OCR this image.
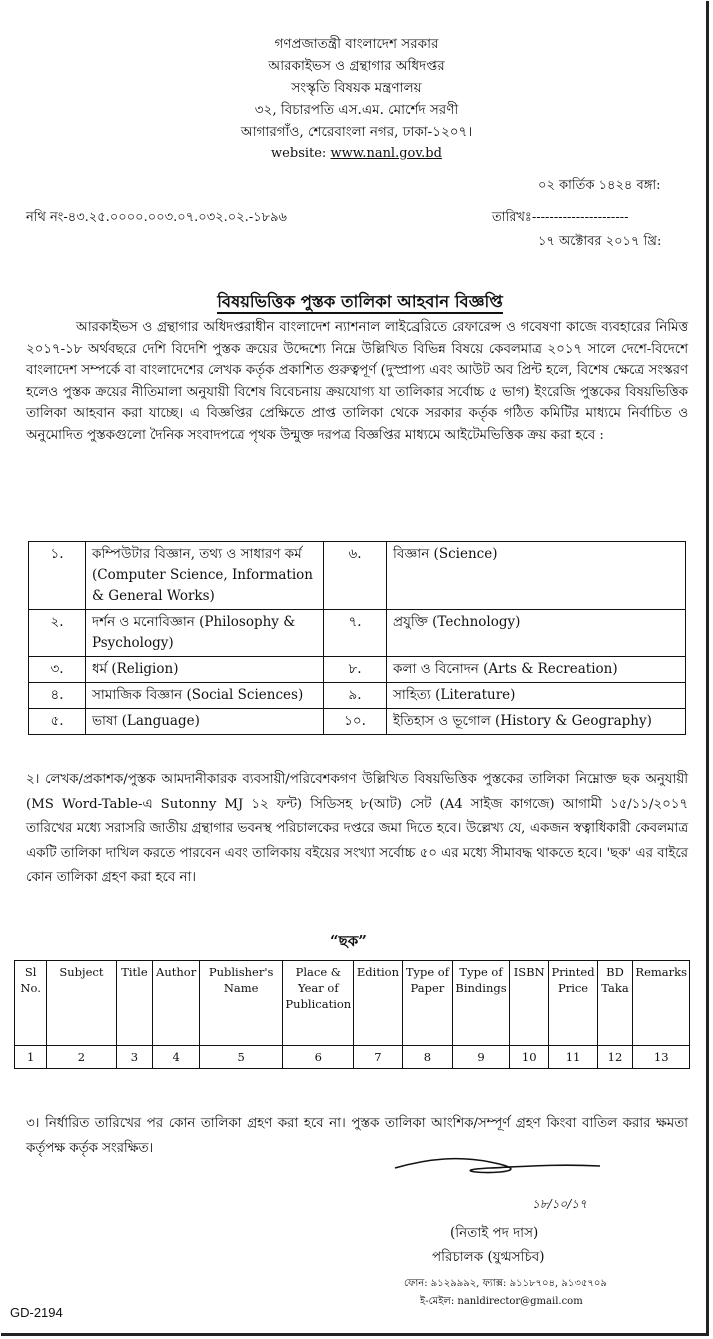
গণপ্রজাতন্ত্রী বাংলাদেশ সরকার
আরকাইভস ও গ্রন্থাগার অধিদপ্তর
সংস্কৃতি বিষয়ক মন্ত্রণালয়
৩২, বিচারপতি এস.এম. মোর্শেদ সরণী
আগারগাঁও, শেরেবাংলা নগর, ঢাকা-১২০৭।
website: www.nanl.gov.bd
০২ কার্তিক ১৪২৪ বঙ্গা:
নথি নং-৪৩.২৫.০০০০.০০৩.০৭.০৩২.০২.-১৮৯৬	তারিখঃ----------------------
১৭ অক্টোবর ২০১৭ খ্রি:
বিষয়ভিত্তিক পুস্তক তালিকা আহবান বিজ্ঞপ্তি
আরকাইভস ও গ্রন্থাগার অধিদপ্তরাধীন বাংলাদেশ ন্যাশনাল লাইব্রেরিতে রেফারেন্স ও গবেষণা কাজে ব্যবহারের নিমিত্ত ২০১৭-১৮ অর্থবছরে দেশি বিদেশি পুস্তক ক্রয়ের উদ্দেশ্যে নিম্নে উল্লিখিত বিভিন্ন বিষয়ে কেবলমাত্র ২০১৭ সালে দেশে-বিদেশে বাংলাদেশ সম্পর্কে বা বাংলাদেশের লেখক কর্তৃক প্রকাশিত গুরুত্বপূর্ণ (দুস্প্রাপ্য এবং আউট অব প্রিন্ট হলে, বিশেষ ক্ষেত্রে সংস্করণ হলেও পুস্তক ক্রয়ের নীতিমালা অনুযায়ী বিশেষ বিবেচনায় ক্রয়যোগ্য যা তালিকার সর্বোচ্চ ৫ ভাগ) ইংরেজি পুস্তকের বিষয়ভিত্তিক তালিকা আহবান করা যাচ্ছে। এ বিজ্ঞপ্তির প্রেক্ষিতে প্রাপ্ত তালিকা থেকে সরকার কর্তৃক গঠিত কমিটির মাধ্যমে নির্বাচিত ও অনুমোদিত পুস্তকগুলো দৈনিক সংবাদপত্রে পৃথক উন্মুক্ত দরপত্র বিজ্ঞপ্তির মাধ্যমে আইটেমভিত্তিক ক্রয় করা হবে :
১.	কম্পিউটার বিজ্ঞান, তথ্য ও সাধারণ কর্ম (Computer Science, Information & General Works)	৬.	বিজ্ঞান (Science)
২.	দর্শন ও মনোবিজ্ঞান (Philosophy & Psychology)	৭.	প্রযুক্তি (Technology)
৩.	ধর্ম (Religion)	৮.	কলা ও বিনোদন (Arts & Recreation)
৪.	সামাজিক বিজ্ঞান (Social Sciences)	৯.	সাহিত্য (Literature)
৫.	ভাষা (Language)	১০.	ইতিহাস ও ভূগোল (History & Geography)
২। লেখক/প্রকাশক/পুস্তক আমদানীকারক ব্যবসায়ী/পরিবেশকগণ উল্লিখিত বিষয়ভিত্তিক পুস্তকের তালিকা নিম্নোক্ত ছক অনুযায়ী (MS Word-Table-এ Sutonny MJ ১২ ফন্ট) সিডিসহ ৮(আট) সেট (A4 সাইজ কাগজে) আগামী ১৫/১১/২০১৭ তারিখের মধ্যে সরাসরি জাতীয় গ্রন্থাগার ভবনস্থ পরিচালকের দপ্তরে জমা দিতে হবে। উল্লেখ্য যে, একজন স্বত্বাধিকারী কেবলমাত্র একটি তালিকা দাখিল করতে পারবেন এবং তালিকায় বইয়ের সংখ্যা সর্বোচ্চ ৫০ এর মধ্যে সীমাবদ্ধ থাকতে হবে। 'ছক' এর বাইরে কোন তালিকা গ্রহণ করা হবে না।
“ছক”
Sl No.	Subject	Title	Author	Publisher's Name	Place & Year of Publication	Edition	Type of Paper	Type of Bindings	ISBN	Printed Price	BD Taka	Remarks
1	2	3	4	5	6	7	8	9	10	11	12	13
৩। নির্ধারিত তারিখের পর কোন তালিকা গ্রহণ করা হবে না। পুস্তক তালিকা আংশিক/সম্পূর্ণ গ্রহণ কিংবা বাতিল করার ক্ষমতা কর্তৃপক্ষ কর্তৃক সংরক্ষিত।
১৮/১০/১৭
(নিতাই পদ দাস)
পরিচালক (যুগ্মসচিব)
ফোন: ৯১২৯৯৯২, ফ্যাক্স: ৯১১৮৭০৪, ৯১৩৫৭০৯
ই-মেইল: nanldirector@gmail.com
GD-2194
